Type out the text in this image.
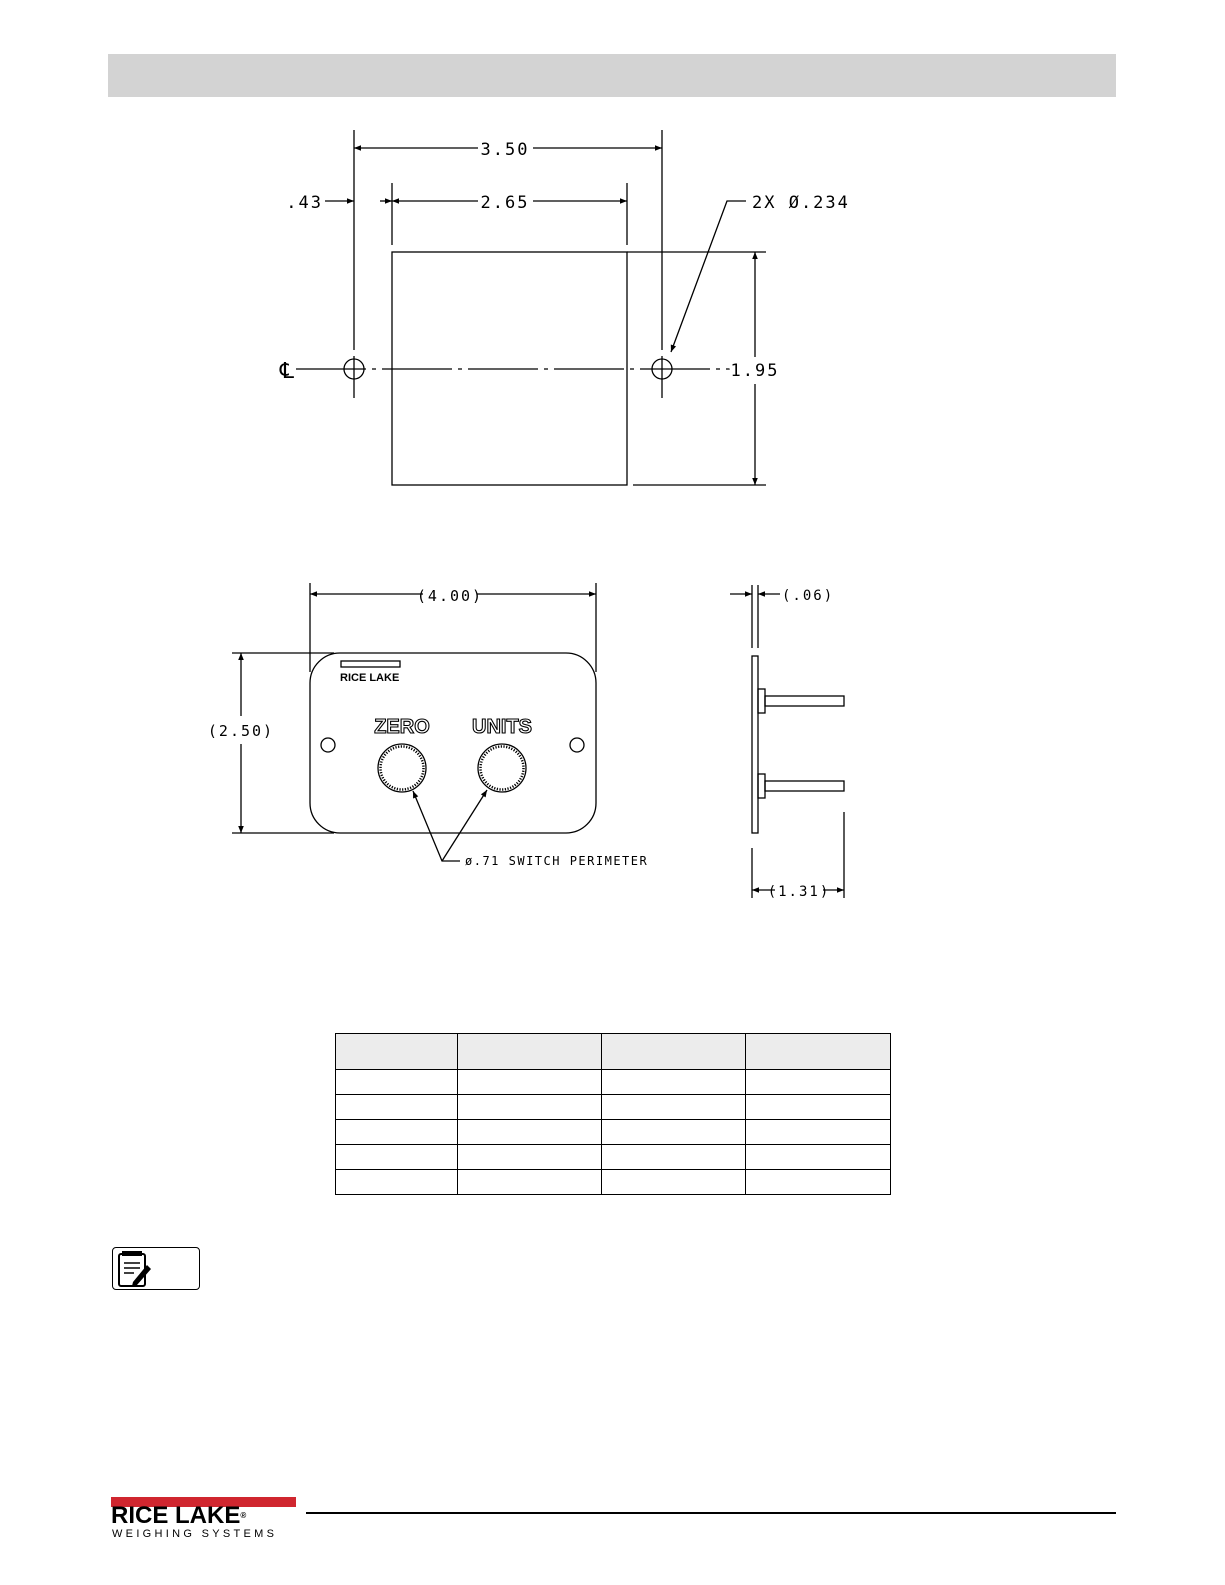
3.50
.43	2.65	2X Ø.234
1.95
℄
(4.00)
(2.50)
RICE LAKE
ZERO UNITS
ø.71 SWITCH PERIMETER
(.06)
(1.31)

RICE LAKE®
WEIGHING SYSTEMS
